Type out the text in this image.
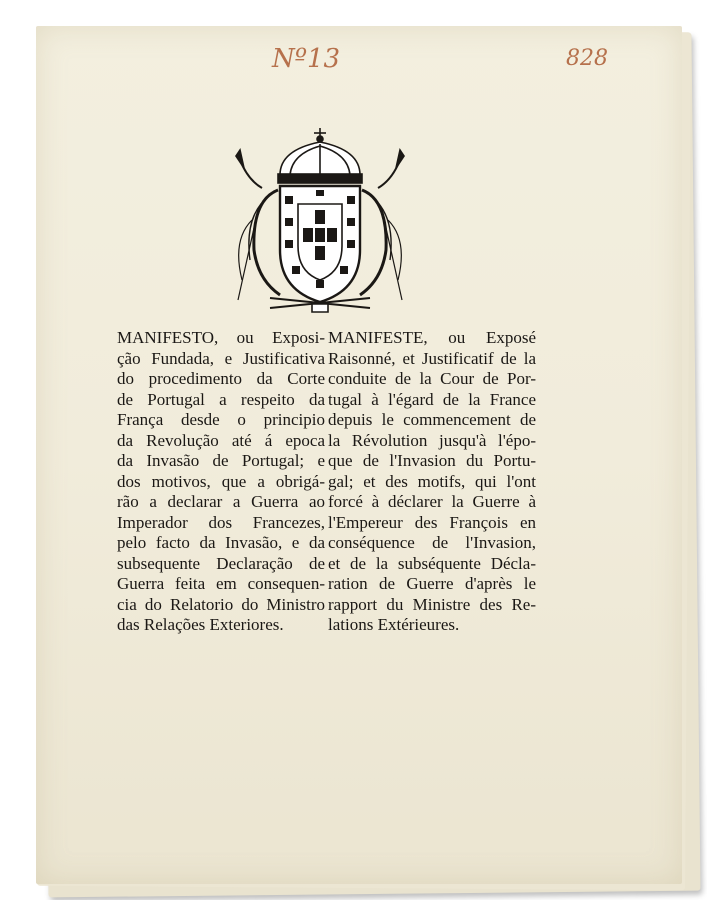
Nº13	828
MANIFESTO, ou Exposi-
ção Fundada, e Justificativa
do procedimento da Corte
de Portugal a respeito da
França desde o principio
da Revolução até á epoca
da Invasão de Portugal; e
dos motivos, que a obrigá-
rão a declarar a Guerra ao
Imperador dos Francezes,
pelo facto da Invasão, e da
subsequente Declaração de
Guerra feita em consequen-
cia do Relatorio do Ministro
das Relações Exteriores.
MANIFESTE, ou Exposé
Raisonné, et Justificatif de la
conduite de la Cour de Por-
tugal à l'égard de la France
depuis le commencement de
la Révolution jusqu'à l'épo-
que de l'Invasion du Portu-
gal; et des motifs, qui l'ont
forcé à déclarer la Guerre à
l'Empereur des François en
conséquence de l'Invasion,
et de la subséquente Décla-
ration de Guerre d'après le
rapport du Ministre des Re-
lations Extérieures.
